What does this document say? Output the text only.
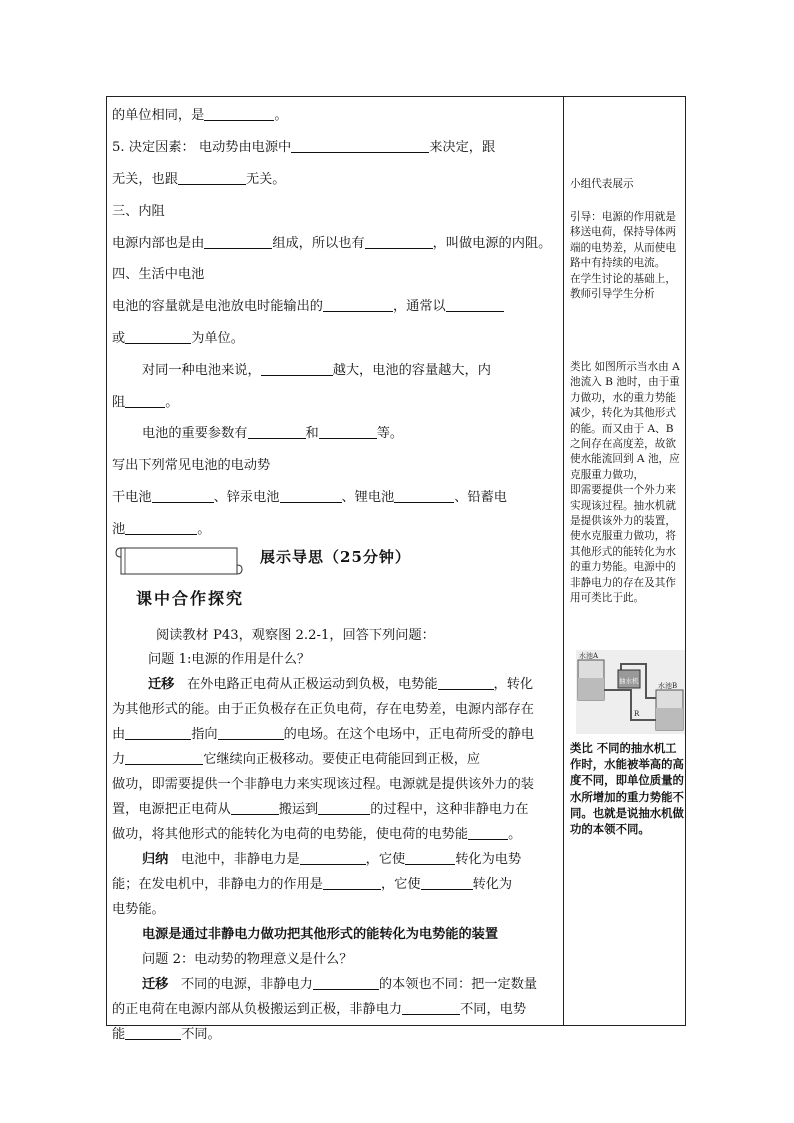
的单位相同，是	。
5. 决定因素： 电动势由电源中	来决定，跟
无关，也跟	无关。
三、内阻
电源内部也是由	组成，所以也有	，叫做电源的内阻。
四、生活中电池
电池的容量就是电池放电时能输出的	，通常以
或	为单位。
对同一种电池来说，	越大，电池的容量越大，内
阻	。
电池的重要参数有	和	等。
写出下列常见电池的电动势
干电池	、锌汞电池	、锂电池	、铅蓄电
池	。
展示导思（25分钟）
课中合作探究
阅读教材 P43，观察图 2.2-1，回答下列问题：
问题 1:电源的作用是什么？
迁移 在外电路正电荷从正极运动到负极，电势能	，转化
为其他形式的能。由于正负极存在正负电荷，存在电势差，电源内部存在
由	指向	的电场。在这个电场中，正电荷所受的静电
力	它继续向正极移动。要使正电荷能回到正极，应
做功，即需要提供一个非静电力来实现该过程。电源就是提供该外力的装
置，电源把正电荷从	搬运到	的过程中，这种非静电力在
做功，将其他形式的能转化为电荷的电势能，使电荷的电势能	。
归纳 电池中，非静电力是	，它使	转化为电势
能；在发电机中，非静电力的作用是	，它使	转化为
电势能。
电源是通过非静电力做功把其他形式的能转化为电势能的装置
问题 2：电动势的物理意义是什么？
迁移 不同的电源，非静电力	的本领也不同：把一定数量
的正电荷在电源内部从负极搬运到正极，非静电力	不同，电势
能	不同。

小组代表展示

引导：电源的作用就是移送电荷，保持导体两端的电势差，从而使电路中有持续的电流。

在学生讨论的基础上，教师引导学生分析

类比 如图所示当水由 A 池流入 B 池时，由于重力做功，水的重力势能减少，转化为其他形式的能。而又由于 A、B 之间存在高度差，故欲使水能流回到 A 池，应克服重力做功，

即需要提供一个外力来实现该过程。抽水机就是提供该外力的装置，使水克服重力做功，将其他形式的能转化为水的重力势能。电源中的非静电力的存在及其作用可类比于此。

水池A
抽水机
水池B
R

类比 不同的抽水机工作时，水能被举高的高度不同，即单位质量的水所增加的重力势能不同。也就是说抽水机做功的本领不同。
